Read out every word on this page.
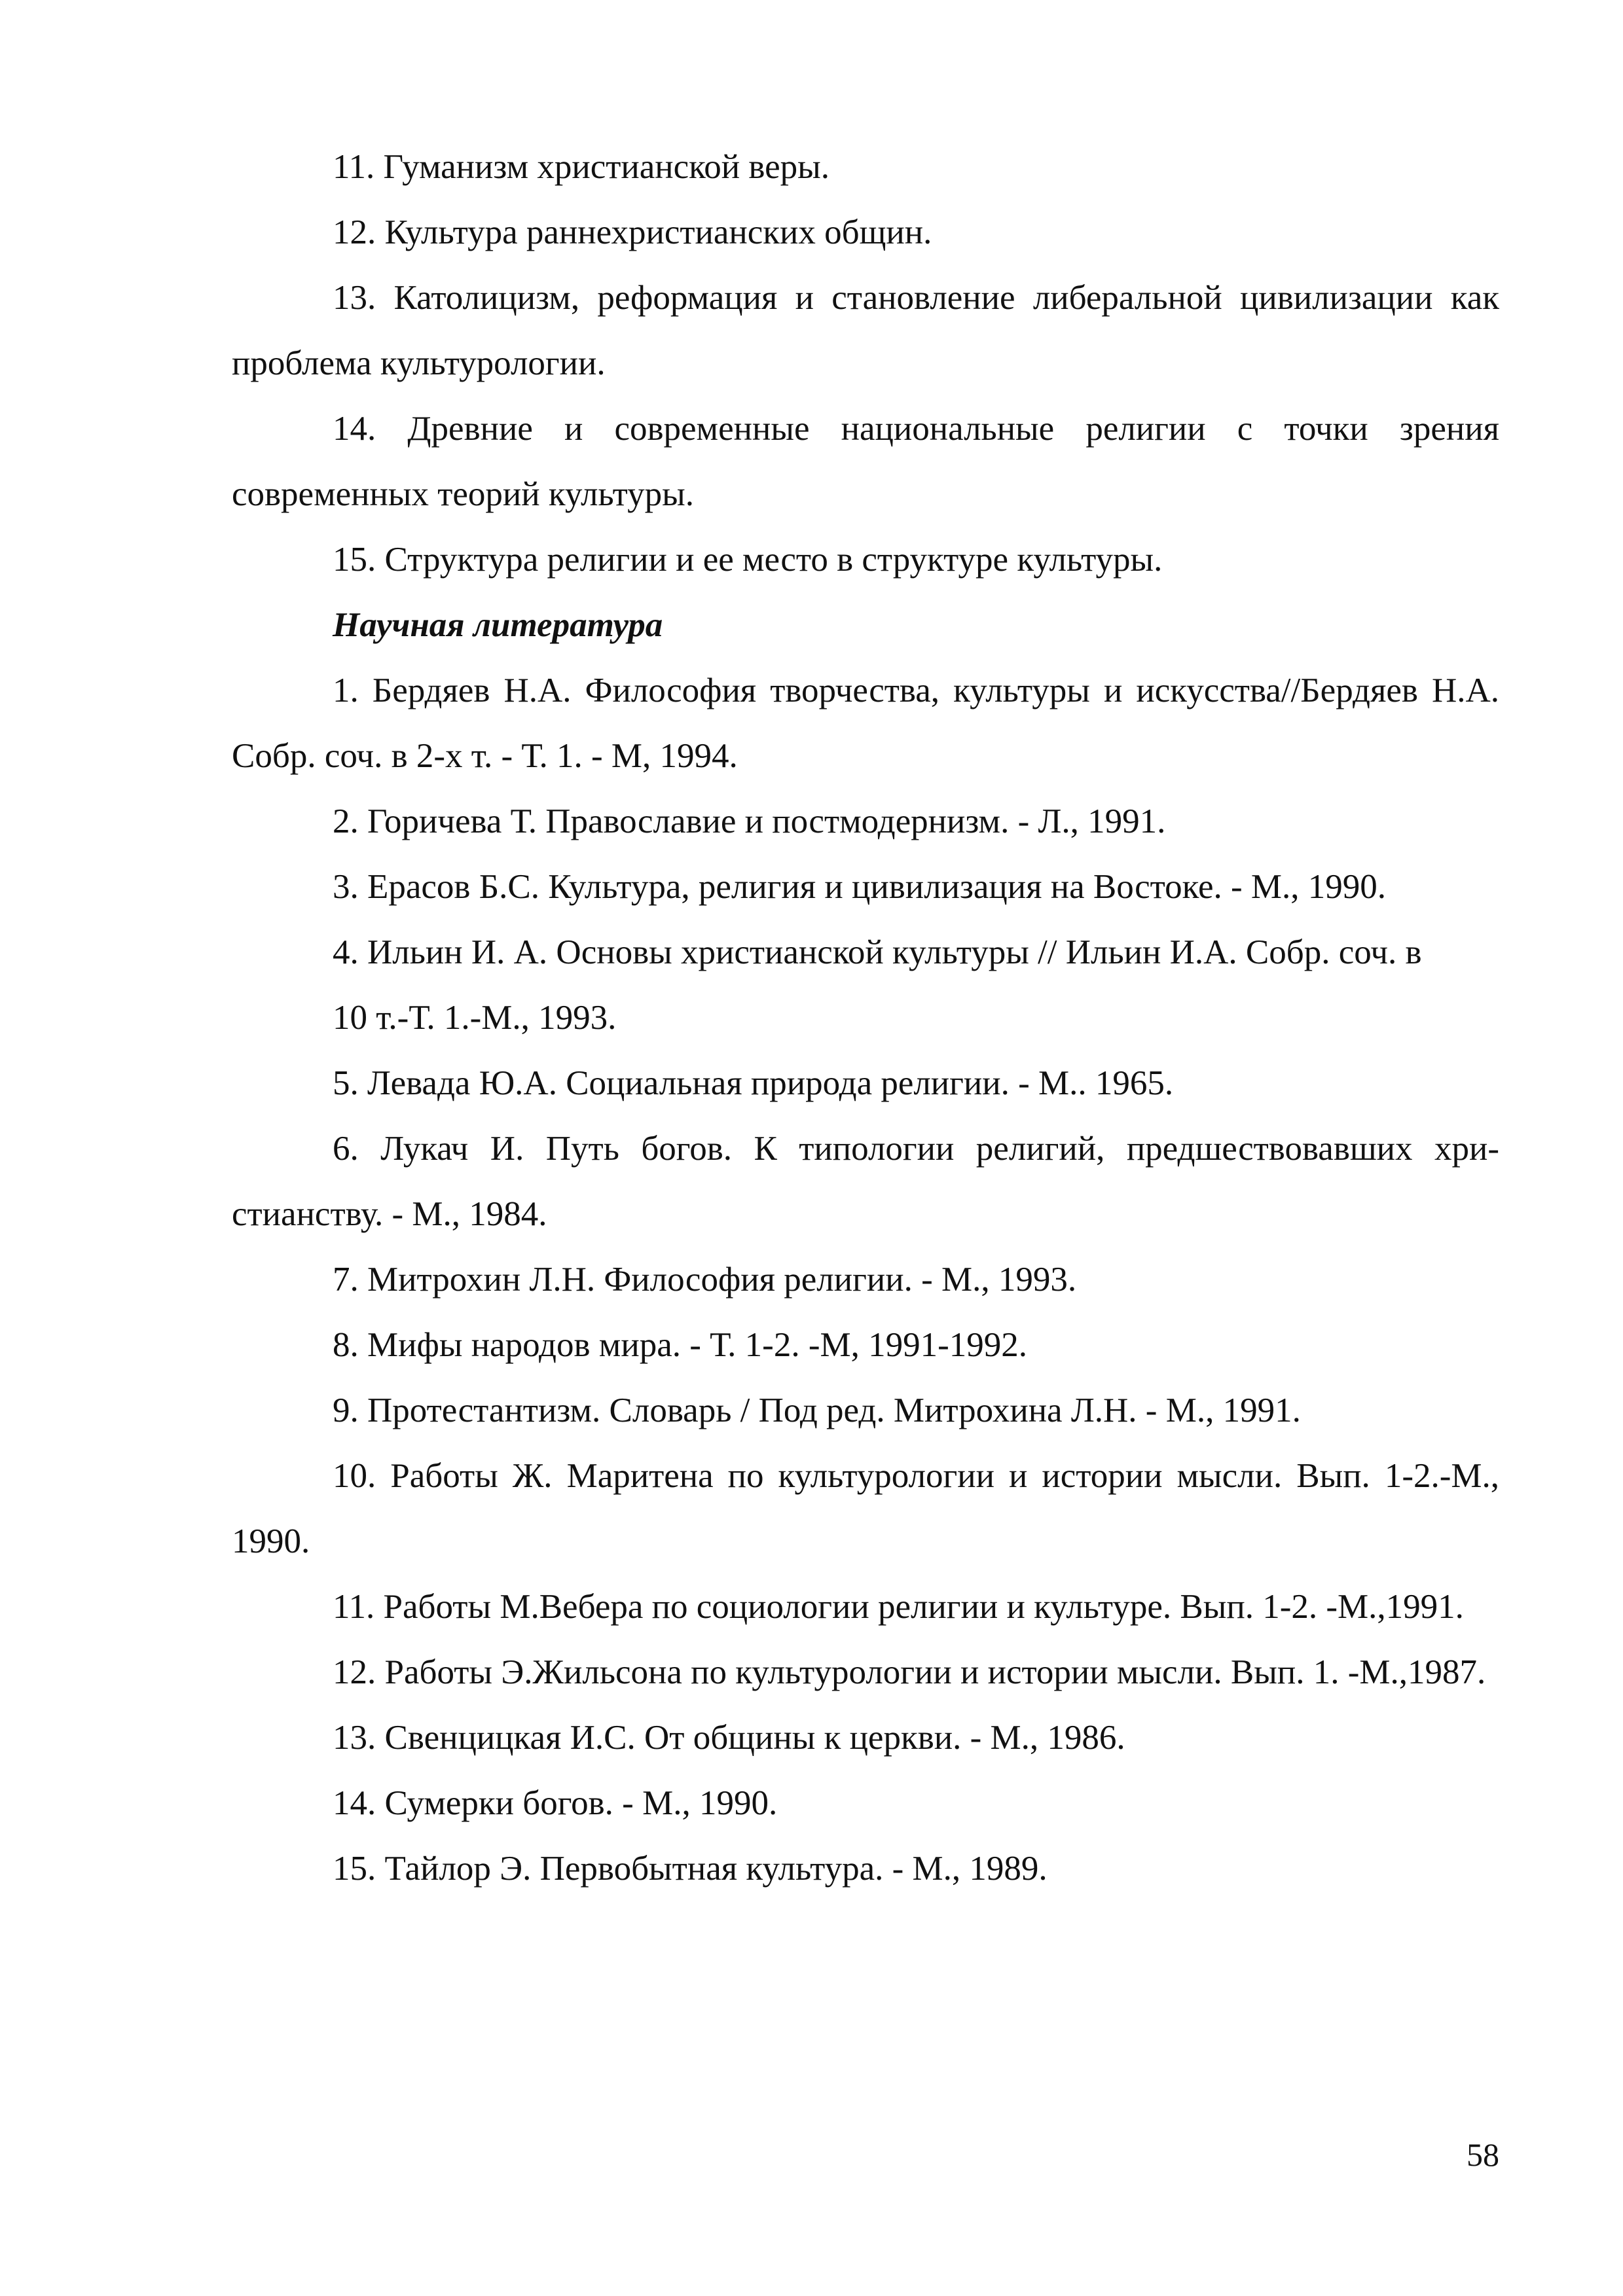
11. Гуманизм христианской веры.

12. Культура раннехристианских общин.

13. Католицизм, реформация и становление либеральной цивилизации как проблема культурологии.

14. Древние и современные национальные религии с точки зрения современных теорий культуры.

15. Структура религии и ее место в структуре культуры.

Научная литература

1. Бердяев Н.А. Философия творчества, культуры и искусства//Бердяев Н.А. Собр. соч. в 2-х т. - Т. 1. - М, 1994.

2. Горичева Т. Православие и постмодернизм. - Л., 1991.

3. Ерасов Б.С. Культура, религия и цивилизация на Востоке. - М., 1990.

4. Ильин И. А. Основы христианской культуры // Ильин И.А. Собр. соч. в

10 т.-Т. 1.-М., 1993.

5. Левада Ю.А. Социальная природа религии. - М.. 1965.

6. Лукач И. Путь богов. К типологии религий, предшествовавших христианству. - М., 1984.

7. Митрохин Л.Н. Философия религии. - М., 1993.

8. Мифы народов мира. - Т. 1-2. -М, 1991-1992.

9. Протестантизм. Словарь / Под ред. Митрохина Л.Н. - М., 1991.

10. Работы Ж. Маритена по культурологии и истории мысли. Вып. 1-2.-М., 1990.

11. Работы М.Вебера по социологии религии и культуре. Вып. 1-2. -М.,1991.

12. Работы Э.Жильсона по культурологии и истории мысли. Вып. 1. -М.,1987.

13. Свенцицкая И.С. От общины к церкви. - М., 1986.

14. Сумерки богов. - М., 1990.

15. Тайлор Э. Первобытная культура. - М., 1989.

58
